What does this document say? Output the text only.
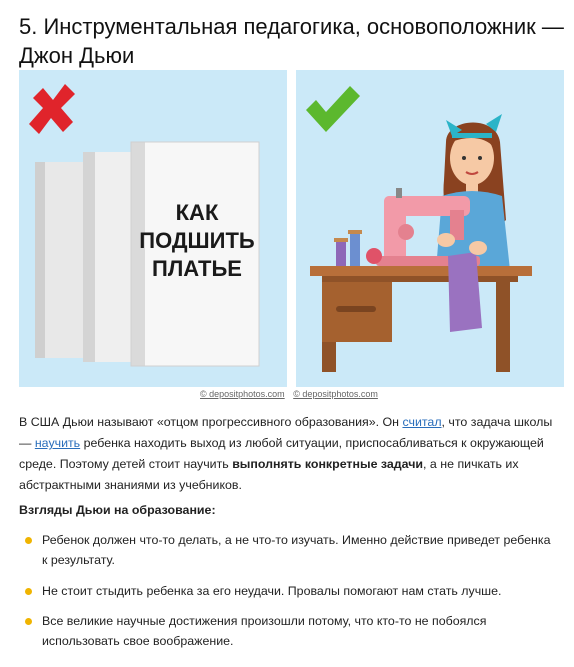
5. Инструментальная педагогика, основоположник — Джон Дьюи
КАК
ПОДШИТЬ
ПЛАТЬЕ
© depositphotos.com © depositphotos.com

В США Дьюи называют «отцом прогрессивного образования». Он считал, что задача школы — научить ребенка находить выход из любой ситуации, приспосабливаться к окружающей среде. Поэтому детей стоит научить выполнять конкретные задачи, а не пичкать их абстрактными знаниями из учебников.

Взгляды Дьюи на образование:
Ребенок должен что-то делать, а не что-то изучать. Именно действие приведет ребенка к результату.
Не стоит стыдить ребенка за его неудачи. Провалы помогают нам стать лучше.
Все великие научные достижения произошли потому, что кто-то не побоялся использовать свое воображение.
